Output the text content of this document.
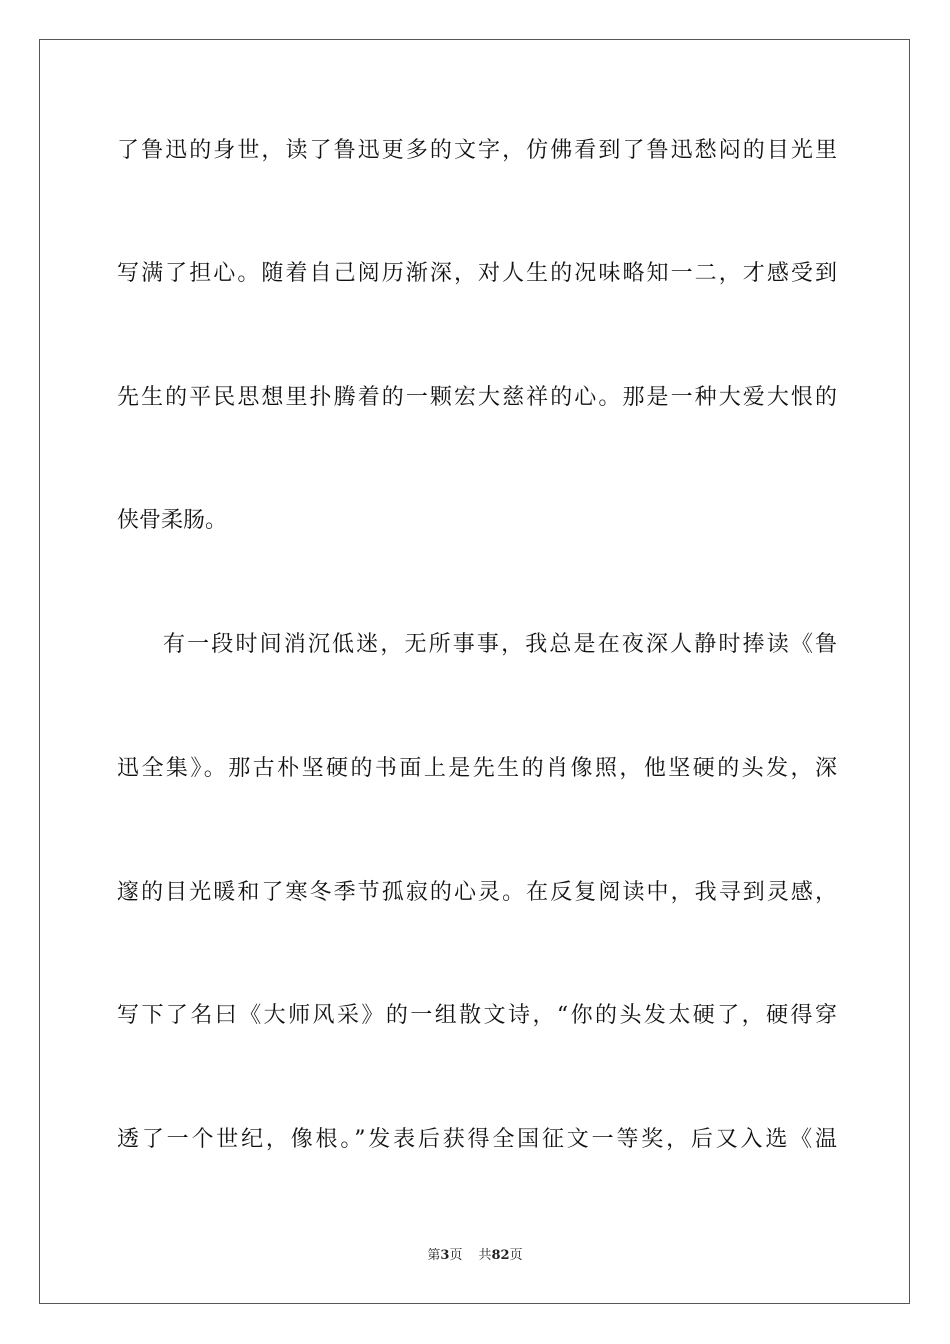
了鲁迅的身世，读了鲁迅更多的文字，仿佛看到了鲁迅愁闷的目光里
写满了担心。随着自己阅历渐深，对人生的况味略知一二，才感受到
先生的平民思想里扑腾着的一颗宏大慈祥的心。那是一种大爱大恨的
侠骨柔肠。
有一段时间消沉低迷，无所事事，我总是在夜深人静时捧读《鲁
迅全集》。那古朴坚硬的书面上是先生的肖像照，他坚硬的头发，深
邃的目光暖和了寒冬季节孤寂的心灵。在反复阅读中，我寻到灵感，
写下了名曰《大师风采》的一组散文诗，“你的头发太硬了，硬得穿
透了一个世纪，像根。”发表后获得全国征文一等奖，后又入选《温
第3页 共82页
